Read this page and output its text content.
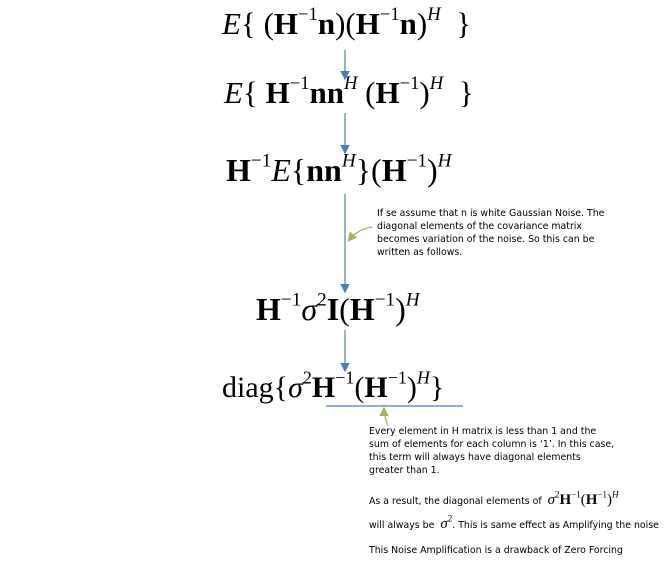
E{ $(H^{-1}n)(H^{-1}n)^H$  }
E{ $H^{-1}nn^H$ $(H^{-1})^H$  }
$H^{-1}E\{nn^H\}(H^{-1})^H$
$H^{-1}\sigma^2I(H^{-1})^H$
$diag\{\sigma^2H^{-1}(H^{-1})^H\}$
If se assume that n is white Gaussian Noise. The
diagonal elements of the covariance matrix
becomes variation of the noise. So this can be
written as follows.
Every element in H matrix is less than 1 and the
sum of elements for each column is ‘1’. In this case,
this term will always have diagonal elements
greater than 1.
As a result, the diagonal elements of $\sigma^2H^{-1}(H^{-1})^H$
will always be $\sigma^2$. This is same effect as Amplifying the noise
This Noise Amplification is a drawback of Zero Forcing
